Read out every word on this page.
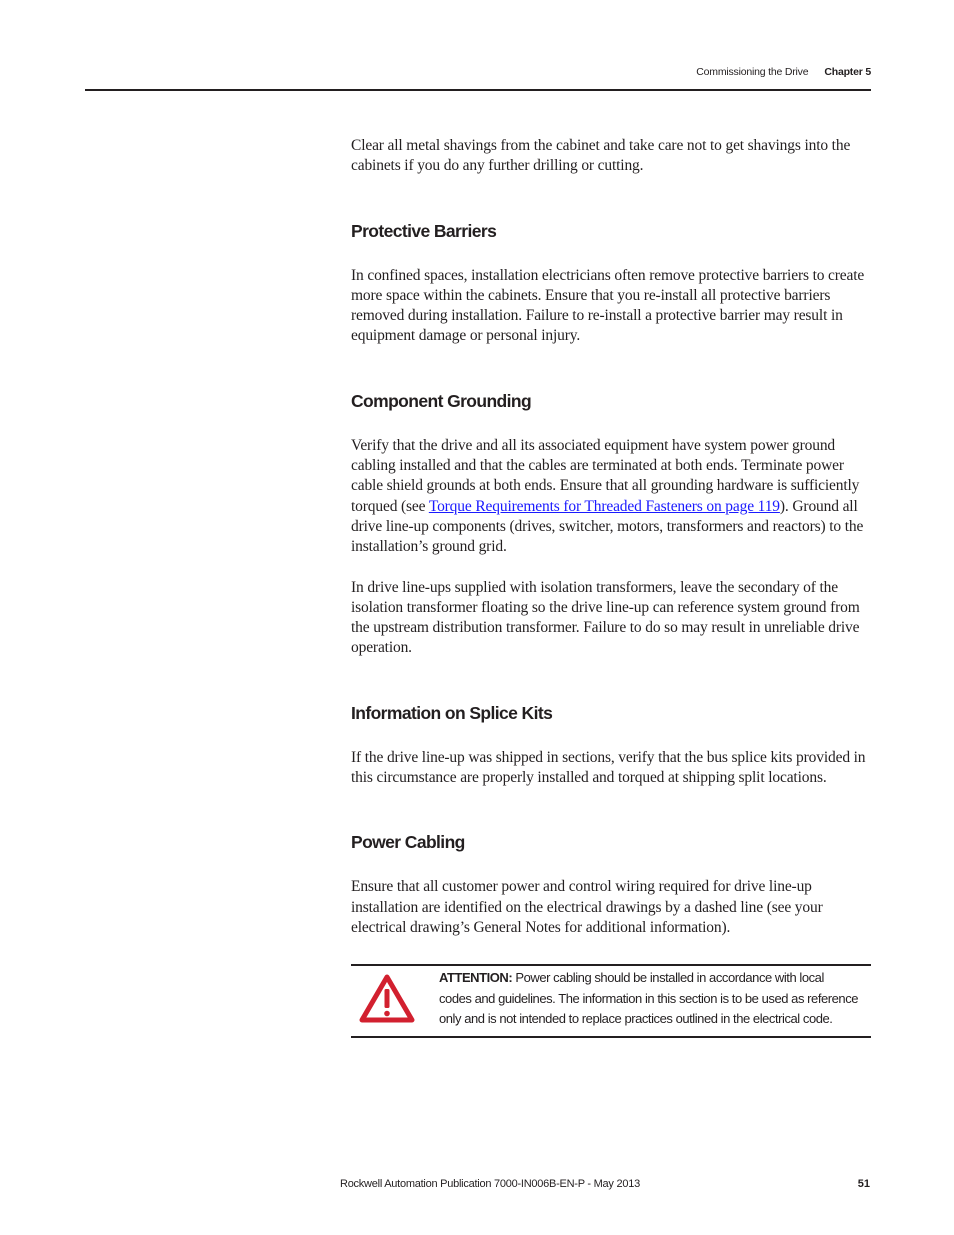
Commissioning the Drive Chapter 5

Clear all metal shavings from the cabinet and take care not to get shavings into the cabinets if you do any further drilling or cutting.

Protective Barriers

In confined spaces, installation electricians often remove protective barriers to create more space within the cabinets. Ensure that you re-install all protective barriers removed during installation. Failure to re-install a protective barrier may result in equipment damage or personal injury.

Component Grounding

Verify that the drive and all its associated equipment have system power ground cabling installed and that the cables are terminated at both ends. Terminate power cable shield grounds at both ends. Ensure that all grounding hardware is sufficiently torqued (see Torque Requirements for Threaded Fasteners on page 119). Ground all drive line-up components (drives, switcher, motors, transformers and reactors) to the installation’s ground grid.

In drive line-ups supplied with isolation transformers, leave the secondary of the isolation transformer floating so the drive line-up can reference system ground from the upstream distribution transformer. Failure to do so may result in unreliable drive operation.

Information on Splice Kits

If the drive line-up was shipped in sections, verify that the bus splice kits provided in this circumstance are properly installed and torqued at shipping split locations.

Power Cabling

Ensure that all customer power and control wiring required for drive line-up installation are identified on the electrical drawings by a dashed line (see your electrical drawing’s General Notes for additional information).

ATTENTION: Power cabling should be installed in accordance with local codes and guidelines. The information in this section is to be used as reference only and is not intended to replace practices outlined in the electrical code.
Rockwell Automation Publication 7000-IN006B-EN-P - May 2013	51
